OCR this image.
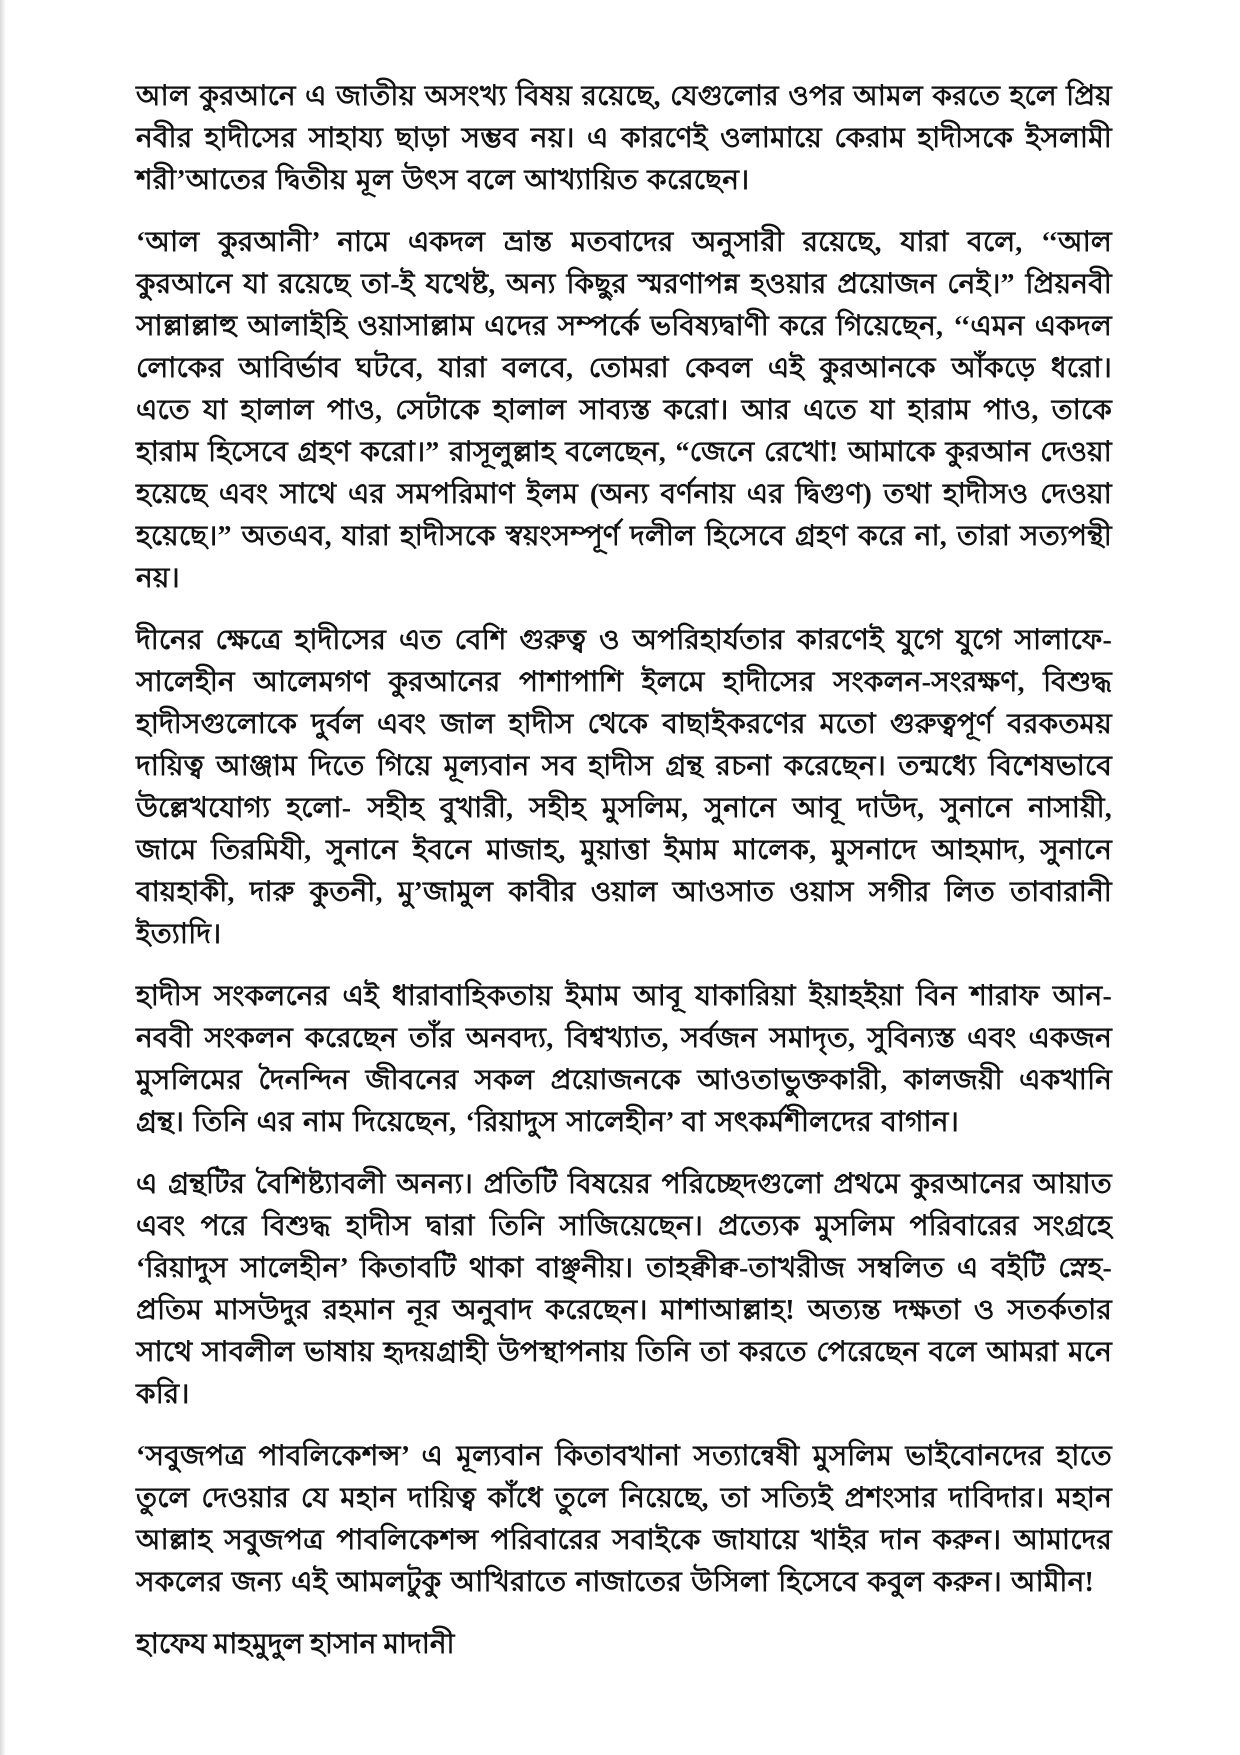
আল কুরআনে এ জাতীয় অসংখ্য বিষয় রয়েছে, যেগুলোর ওপর আমল করতে হলে প্রিয় নবীর হাদীসের সাহায্য ছাড়া সম্ভব নয়। এ কারণেই ওলামায়ে কেরাম হাদীসকে ইসলামী শরী’আতের দ্বিতীয় মূল উৎস বলে আখ্যায়িত করেছেন।

‘আল কুরআনী’ নামে একদল ভ্রান্ত মতবাদের অনুসারী রয়েছে, যারা বলে, ‘‘আল কুরআনে যা রয়েছে তা-ই যথেষ্ট, অন্য কিছুর স্মরণাপন্ন হওয়ার প্রয়োজন নেই।” প্রিয়নবী সাল্লাল্লাহু আলাইহি ওয়াসাল্লাম এদের সম্পর্কে ভবিষ্যদ্বাণী করে গিয়েছেন, ‘‘এমন একদল লোকের আবির্ভাব ঘটবে, যারা বলবে, তোমরা কেবল এই কুরআনকে আঁকড়ে ধরো। এতে যা হালাল পাও, সেটাকে হালাল সাব্যস্ত করো। আর এতে যা হারাম পাও, তাকে হারাম হিসেবে গ্রহণ করো।” রাসূলুল্লাহ বলেছেন, “জেনে রেখো! আমাকে কুরআন দেওয়া হয়েছে এবং সাথে এর সমপরিমাণ ইলম (অন্য বর্ণনায় এর দ্বিগুণ) তথা হাদীসও দেওয়া হয়েছে।” অতএব, যারা হাদীসকে স্বয়ংসম্পূর্ণ দলীল হিসেবে গ্রহণ করে না, তারা সত্যপন্থী নয়।

দীনের ক্ষেত্রে হাদীসের এত বেশি গুরুত্ব ও অপরিহার্যতার কারণেই যুগে যুগে সালাফে-সালেহীন আলেমগণ কুরআনের পাশাপাশি ইলমে হাদীসের সংকলন-সংরক্ষণ, বিশুদ্ধ হাদীসগুলোকে দুর্বল এবং জাল হাদীস থেকে বাছাইকরণের মতো গুরুত্বপূর্ণ বরকতময় দায়িত্ব আঞ্জাম দিতে গিয়ে মূল্যবান সব হাদীস গ্রন্থ রচনা করেছেন। তন্মধ্যে বিশেষভাবে উল্লেখযোগ্য হলো- সহীহ বুখারী, সহীহ মুসলিম, সুনানে আবূ দাউদ, সুনানে নাসায়ী, জামে তিরমিযী, সুনানে ইবনে মাজাহ, মুয়াত্তা ইমাম মালেক, মুসনাদে আহমাদ, সুনানে বায়হাকী, দারু কুতনী, মু’জামুল কাবীর ওয়াল আওসাত ওয়াস সগীর লিত তাবারানী ইত্যাদি।

হাদীস সংকলনের এই ধারাবাহিকতায় ইমাম আবূ যাকারিয়া ইয়াহইয়া বিন শারাফ আন-নববী সংকলন করেছেন তাঁর অনবদ্য, বিশ্বখ্যাত, সর্বজন সমাদৃত, সুবিন্যস্ত এবং একজন মুসলিমের দৈনন্দিন জীবনের সকল প্রয়োজনকে আওতাভুক্তকারী, কালজয়ী একখানি গ্রন্থ। তিনি এর নাম দিয়েছেন, ‘রিয়াদুস সালেহীন’ বা সৎকর্মশীলদের বাগান।

এ গ্রন্থটির বৈশিষ্ট্যাবলী অনন্য। প্রতিটি বিষয়ের পরিচ্ছেদগুলো প্রথমে কুরআনের আয়াত এবং পরে বিশুদ্ধ হাদীস দ্বারা তিনি সাজিয়েছেন। প্রত্যেক মুসলিম পরিবারের সংগ্রহে ‘রিয়াদুস সালেহীন’ কিতাবটি থাকা বাঞ্ছনীয়। তাহক্বীক্ব-তাখরীজ সম্বলিত এ বইটি স্নেহ-প্রতিম মাসউদুর রহমান নূর অনুবাদ করেছেন। মাশাআল্লাহ! অত্যন্ত দক্ষতা ও সতর্কতার সাথে সাবলীল ভাষায় হৃদয়গ্রাহী উপস্থাপনায় তিনি তা করতে পেরেছেন বলে আমরা মনে করি।

‘সবুজপত্র পাবলিকেশন্স’ এ মূল্যবান কিতাবখানা সত্যান্বেষী মুসলিম ভাইবোনদের হাতে তুলে দেওয়ার যে মহান দায়িত্ব কাঁধে তুলে নিয়েছে, তা সত্যিই প্রশংসার দাবিদার। মহান আল্লাহ সবুজপত্র পাবলিকেশন্স পরিবারের সবাইকে জাযায়ে খাইর দান করুন। আমাদের সকলের জন্য এই আমলটুকু আখিরাতে নাজাতের উসিলা হিসেবে কবুল করুন। আমীন!

হাফেয মাহমুদুল হাসান মাদানী
